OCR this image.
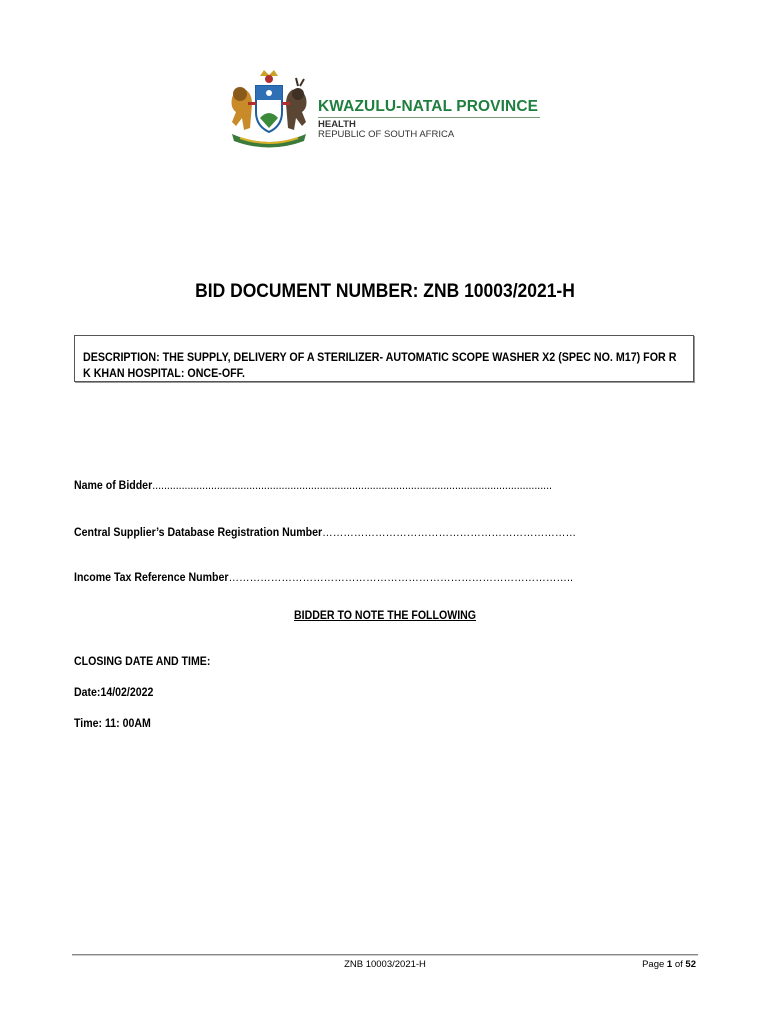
KWAZULU-NATAL PROVINCE
HEALTH
REPUBLIC OF SOUTH AFRICA
BID DOCUMENT NUMBER: ZNB 10003/2021-H
DESCRIPTION: THE SUPPLY, DELIVERY OF A STERILIZER- AUTOMATIC SCOPE WASHER X2 (SPEC NO. M17) FOR R K KHAN HOSPITAL: ONCE-OFF.
Name of Bidder........................................................................................................................................
Central Supplier’s Database Registration Number………………………………………………………………
Income Tax Reference Number……………………………………………………………………………………..
BIDDER TO NOTE THE FOLLOWING
CLOSING DATE AND TIME:
Date:14/02/2022
Time: 11: 00AM
ZNB 10003/2021-H	Page 1 of 52
